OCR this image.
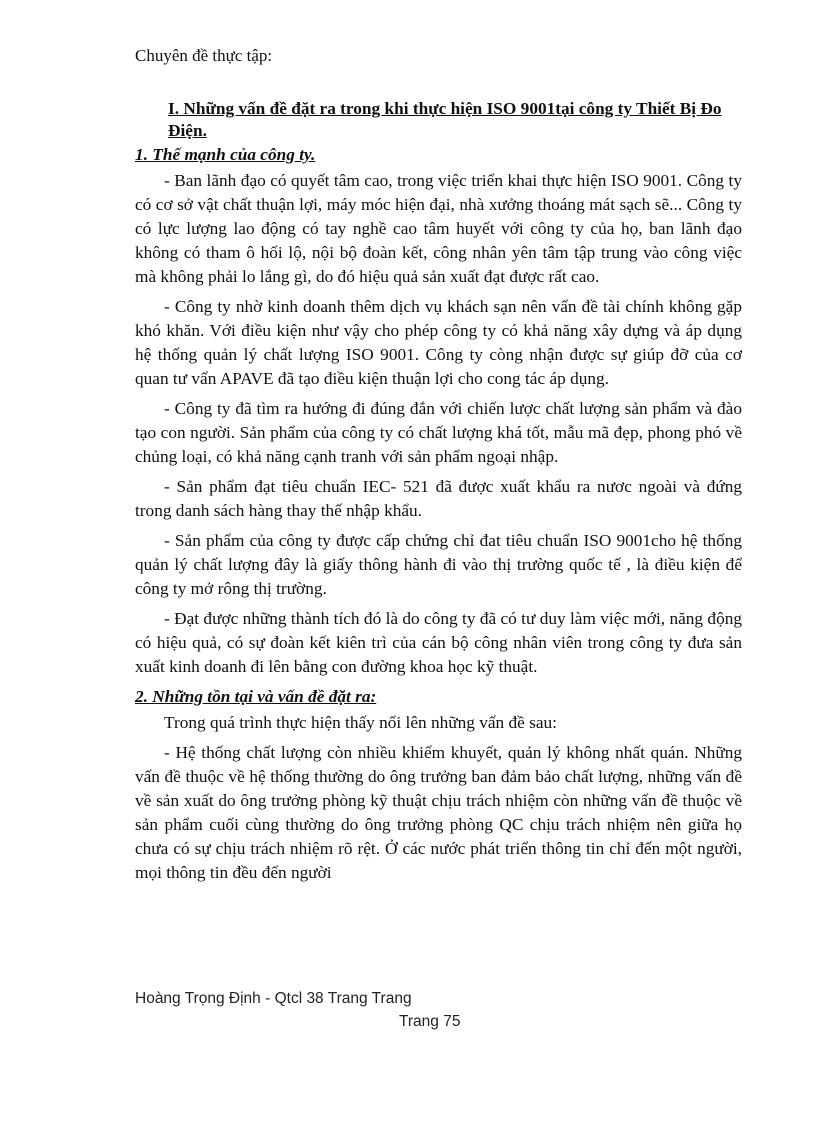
Chuyên đề thực tập:

I. Những vấn đề đặt ra trong khi thực hiện ISO 9001tại công ty Thiết Bị Đo Điện.

1. Thế mạnh của công ty.

- Ban lãnh đạo có quyết tâm cao, trong việc triển khai thực hiện ISO 9001. Công ty có cơ sở vật chất thuận lợi, máy móc hiện đại, nhà xưởng thoáng mát sạch sẽ... Công ty có lực lượng lao động có tay nghề cao tâm huyết với công ty của họ, ban lãnh đạo không có tham ô hối lộ, nội bộ đoàn kết, công nhân yên tâm tập trung vào công việc mà không phải lo lắng gì, do đó hiệu quả sản xuất đạt được rất cao.

- Công ty nhờ kinh doanh thêm dịch vụ khách sạn nên vấn đề tài chính không gặp khó khăn. Với điều kiện như vậy cho phép công ty có khả năng xây dựng và áp dụng hệ thống quản lý chất lượng ISO 9001. Công ty còng nhận được sự giúp đỡ của cơ quan tư vấn APAVE đã tạo điều kiện thuận lợi cho cong tác áp dụng.

- Công ty đã tìm ra hướng đi đúng đắn với chiến lược chất lượng sản phẩm và đào tạo con người. Sản phẩm của công ty có chất lượng khá tốt, mẫu mã đẹp, phong phó về chủng loại, có khả năng cạnh tranh với sản phẩm ngoại nhập.

- Sản phẩm đạt tiêu chuẩn IEC- 521 đã được xuất khẩu ra nươc ngoài và đứng trong danh sách hàng thay thế nhập khẩu.

- Sản phẩm của công ty được cấp chứng chỉ đat tiêu chuẩn ISO 9001cho hệ thống quản lý chất lượng đây là giấy thông hành đi vào thị trường quốc tế , là điều kiện để công ty mở rông thị trường.

- Đạt được những thành tích đó là do công ty đã có tư duy làm việc mới, năng động có hiệu quả, có sự đoàn kết kiên trì của cán bộ công nhân viên trong công ty đưa sản xuất kinh doanh đi lên bằng con đường khoa học kỹ thuật.

2. Những tồn tại và vấn đề đặt ra:

Trong quá trình thực hiện thấy nổi lên những vấn đề sau:

- Hệ thống chất lượng còn nhiều khiếm khuyết, quản lý không nhất quán. Những vấn đề thuộc về hệ thống thường do ông trưởng ban đảm bảo chất lượng, những vấn đề về sản xuất do ông trưởng phòng kỹ thuật chịu trách nhiệm còn những vấn đề thuộc về sản phẩm cuối cùng thường do ông trưởng phòng QC chịu trách nhiệm nên giữa họ chưa có sự chịu trách nhiệm rõ rệt. Ở các nước phát triển thông tin chỉ đến một người, mọi thông tin đều đến người

Hoàng Trọng Định - Qtcl 38 Trang Trang
Trang 75
